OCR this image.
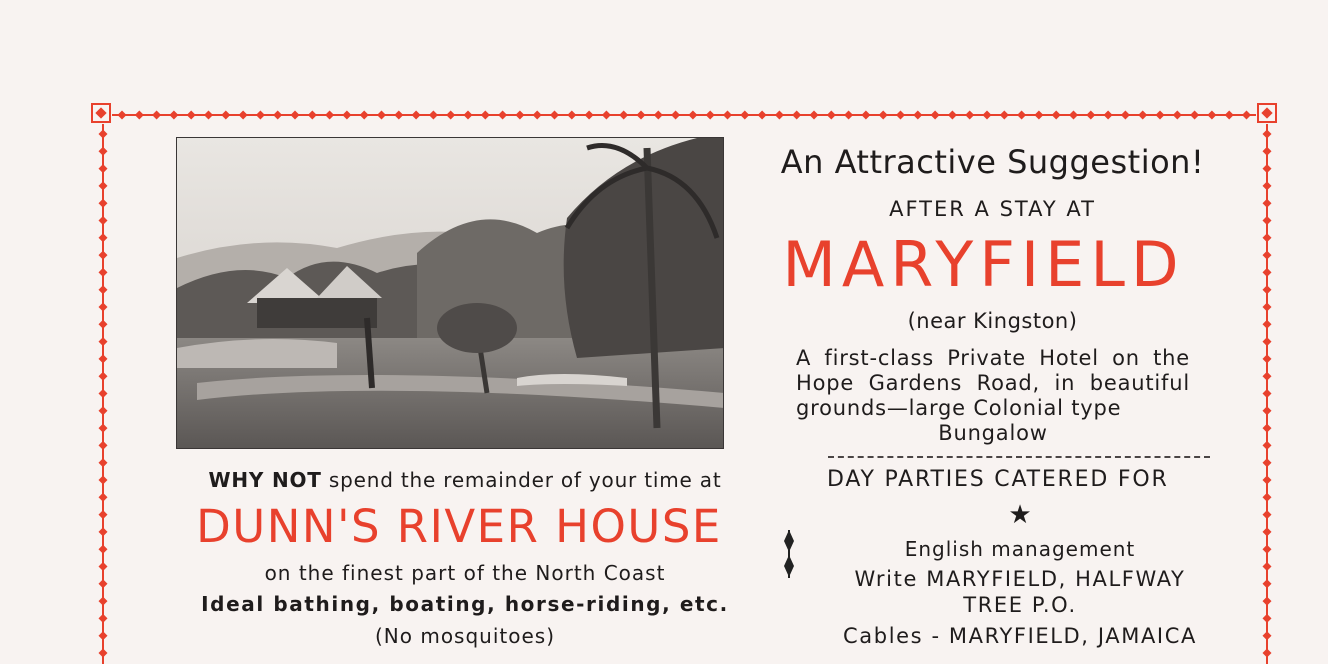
An Attractive Suggestion!
AFTER A STAY AT
MARYFIELD
(near Kingston)
A first-class Private Hotel on the Hope Gardens Road, in beautiful grounds—large Colonial type
Bungalow
DAY PARTIES CATERED FOR
★
English management
Write MARYFIELD, HALFWAY
TREE P.O.
Cables - MARYFIELD, JAMAICA
WHY NOT spend the remainder of your time at
DUNN'S RIVER HOUSE
on the finest part of the North Coast
Ideal bathing, boating, horse-riding, etc.
(No mosquitoes)
